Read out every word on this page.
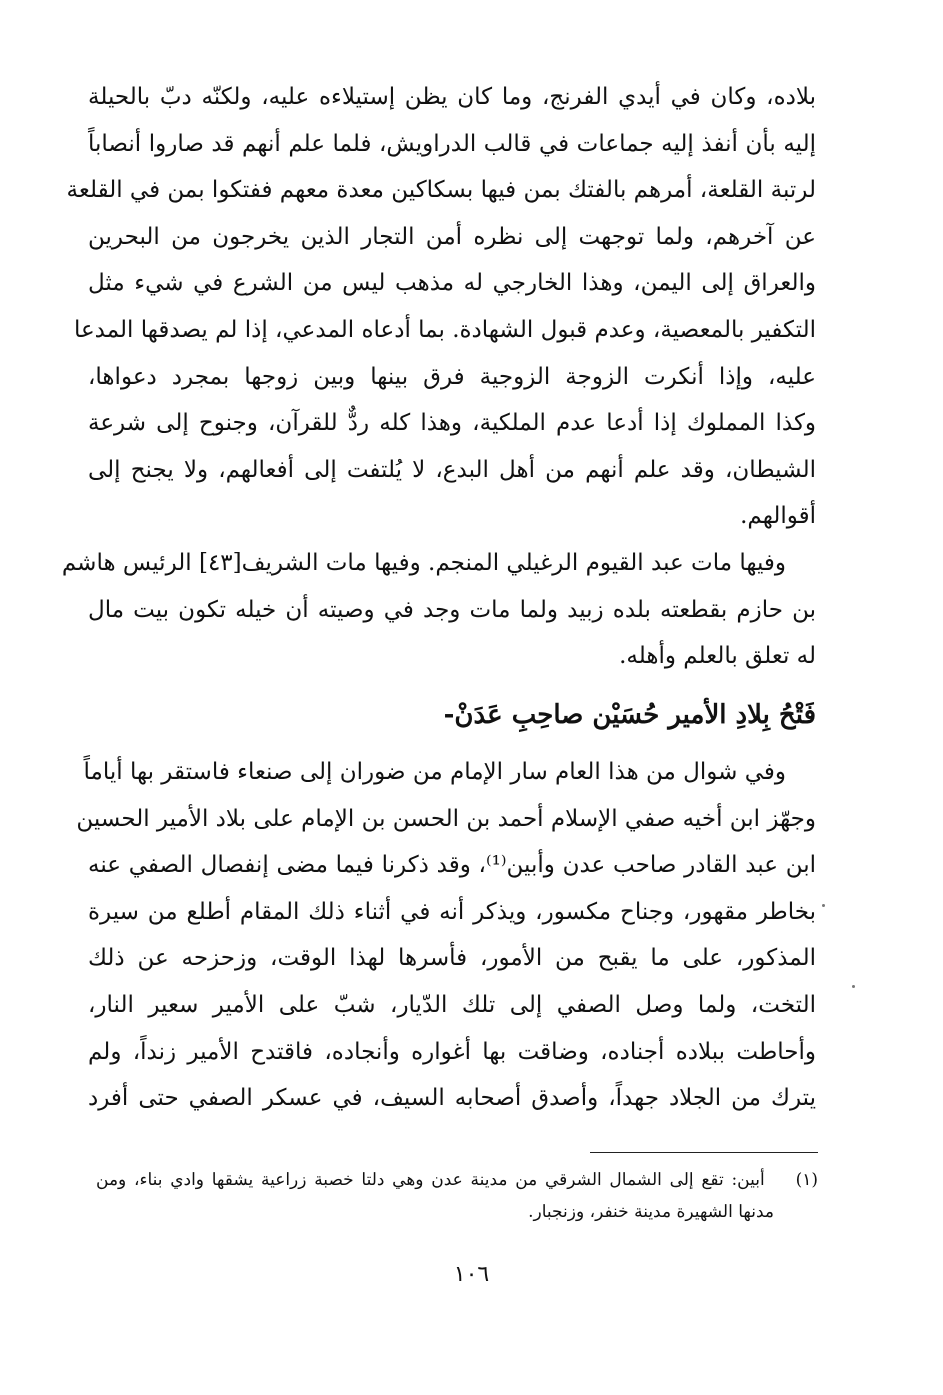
بلاده، وكان في أيدي الفرنج، وما كان يظن إستيلاءه عليه، ولكنّه دبّ بالحيلة
إليه بأن أنفذ إليه جماعات في قالب الدراويش، فلما علم أنهم قد صاروا أنصاباً
لرتبة القلعة، أمرهم بالفتك بمن فيها بسكاكين معدة معهم ففتكوا بمن في القلعة
عن آخرهم، ولما توجهت إلى نظره أمن التجار الذين يخرجون من البحرين
والعراق إلى اليمن، وهذا الخارجي له مذهب ليس من الشرع في شيء مثل
التكفير بالمعصية، وعدم قبول الشهادة. بما أدعاه المدعي، إذا لم يصدقها المدعا
عليه، وإذا أنكرت الزوجة الزوجية فرق بينها وبين زوجها بمجرد دعواها،
وكذا المملوك إذا أدعا عدم الملكية، وهذا كله ردٌّ للقرآن، وجنوح إلى شرعة
الشيطان، وقد علم أنهم من أهل البدع، لا يُلتفت إلى أفعالهم، ولا يجنح إلى
أقوالهم.
وفيها مات عبد القيوم الرغيلي المنجم. وفيها مات الشريف[٤٣] الرئيس هاشم
بن حازم بقطعته بلده زبيد ولما مات وجد في وصيته أن خيله تكون بيت مال
له تعلق بالعلم وأهله.
فَتْحُ بِلادِ الأمير حُسَيْن صاحِبِ عَدَنْ-
وفي شوال من هذا العام سار الإمام من ضوران إلى صنعاء فاستقر بها أياماً
وجهّز ابن أخيه صفي الإسلام أحمد بن الحسن بن الإمام على بلاد الأمير الحسين
ابن عبد القادر صاحب عدن وأبين⁽¹⁾، وقد ذكرنا فيما مضى إنفصال الصفي عنه
بخاطر مقهور، وجناح مكسور، ويذكر أنه في أثناء ذلك المقام أطلع من سيرة
المذكور، على ما يقبح من الأمور، فأسرها لهذا الوقت، وزحزحه عن ذلك
التخت، ولما وصل الصفي إلى تلك الدّيار، شبّ على الأمير سعير النار،
وأحاطت ببلاده أجناده، وضاقت بها أغواره وأنجاده، فاقتدح الأمير زنداً، ولم
يترك من الجلاد جهداً، وأصدق أصحابه السيف، في عسكر الصفي حتى أفرد
(١)    أبين: تقع إلى الشمال الشرقي من مدينة عدن وهي دلتا خصبة زراعية يشقها وادي بناء، ومن
مدنها الشهيرة مدينة خنفر، وزنجبار.
١٠٦
